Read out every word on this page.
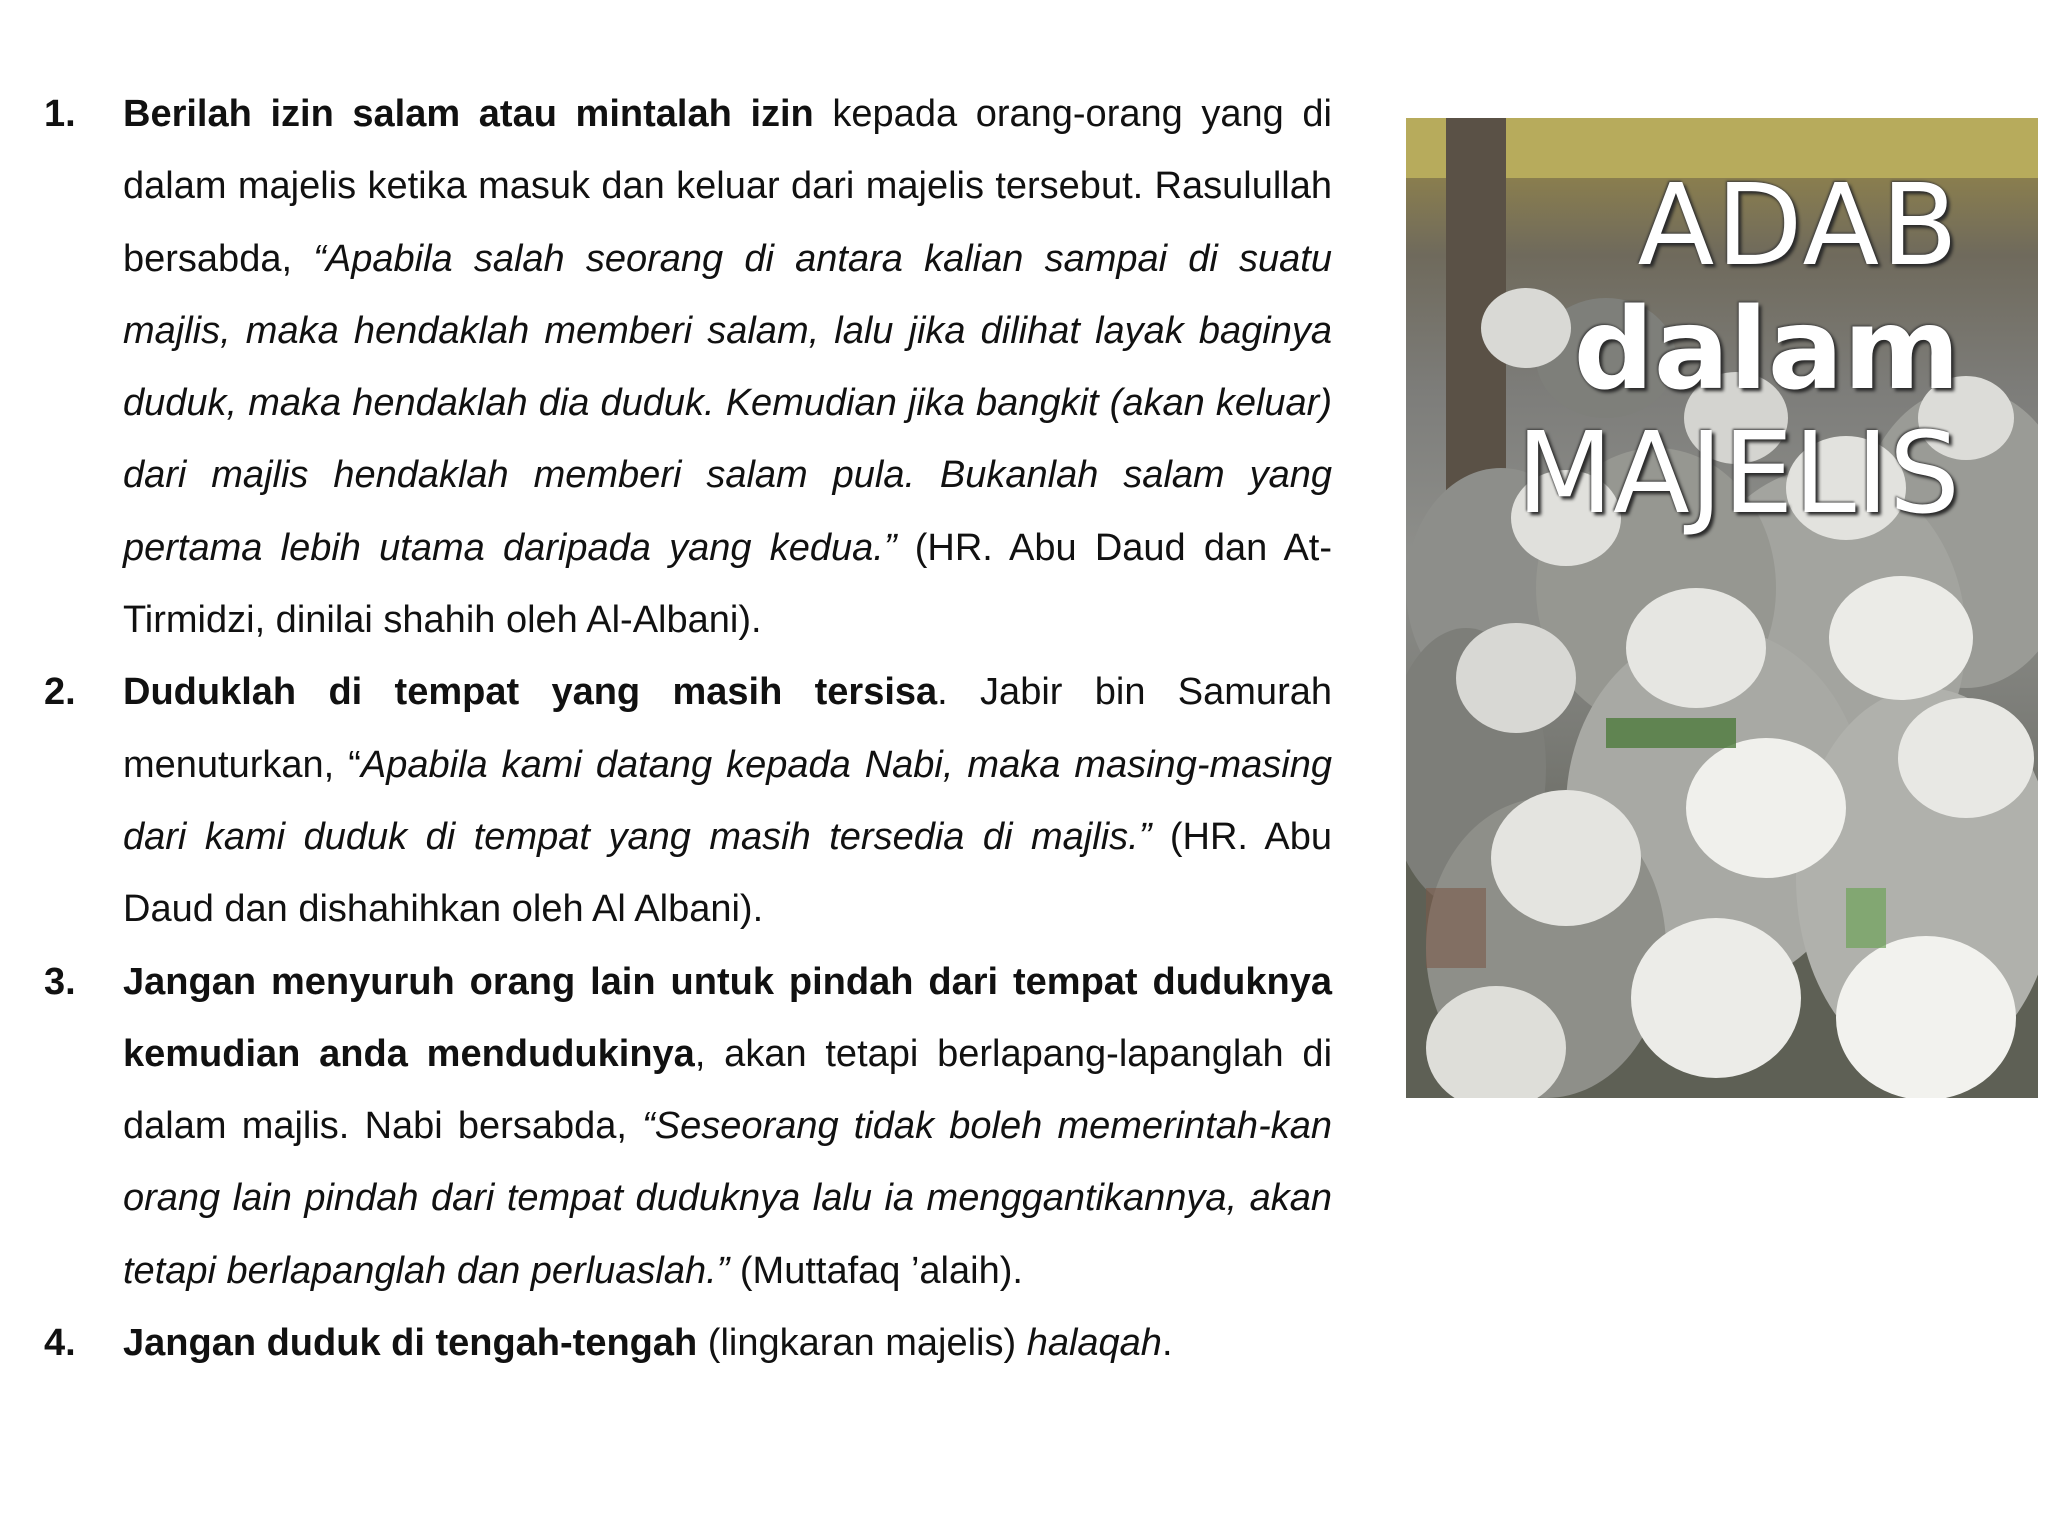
1. Berilah izin salam atau mintalah izin kepada orang-orang yang di dalam majelis ketika masuk dan keluar dari majelis tersebut. Rasulullah bersabda, “Apabila salah seorang di antara kalian sampai di suatu majlis, maka hendaklah memberi salam, lalu jika dilihat layak baginya duduk, maka hendaklah dia duduk. Kemudian jika bangkit (akan keluar) dari majlis hendaklah memberi salam pula. Bukanlah salam yang pertama lebih utama daripada yang kedua.” (HR. Abu Daud dan At-Tirmidzi, dinilai shahih oleh Al-Albani).
2. Duduklah di tempat yang masih tersisa. Jabir bin Samurah menuturkan, “Apabila kami datang kepada Nabi, maka masing-masing dari kami duduk di tempat yang masih tersedia di majlis.” (HR. Abu Daud dan dishahihkan oleh Al Albani).
3. Jangan menyuruh orang lain untuk pindah dari tempat duduknya kemudian anda mendudukinya, akan tetapi berlapang-lapanglah di dalam majlis. Nabi bersabda, “Seseorang tidak boleh memerintah-kan orang lain pindah dari tempat duduknya lalu ia menggantikannya, akan tetapi berlapanglah dan perluaslah.” (Muttafaq ’alaih).
4. Jangan duduk di tengah-tengah (lingkaran majelis) halaqah.
ADAB
dalam
MAJELIS
